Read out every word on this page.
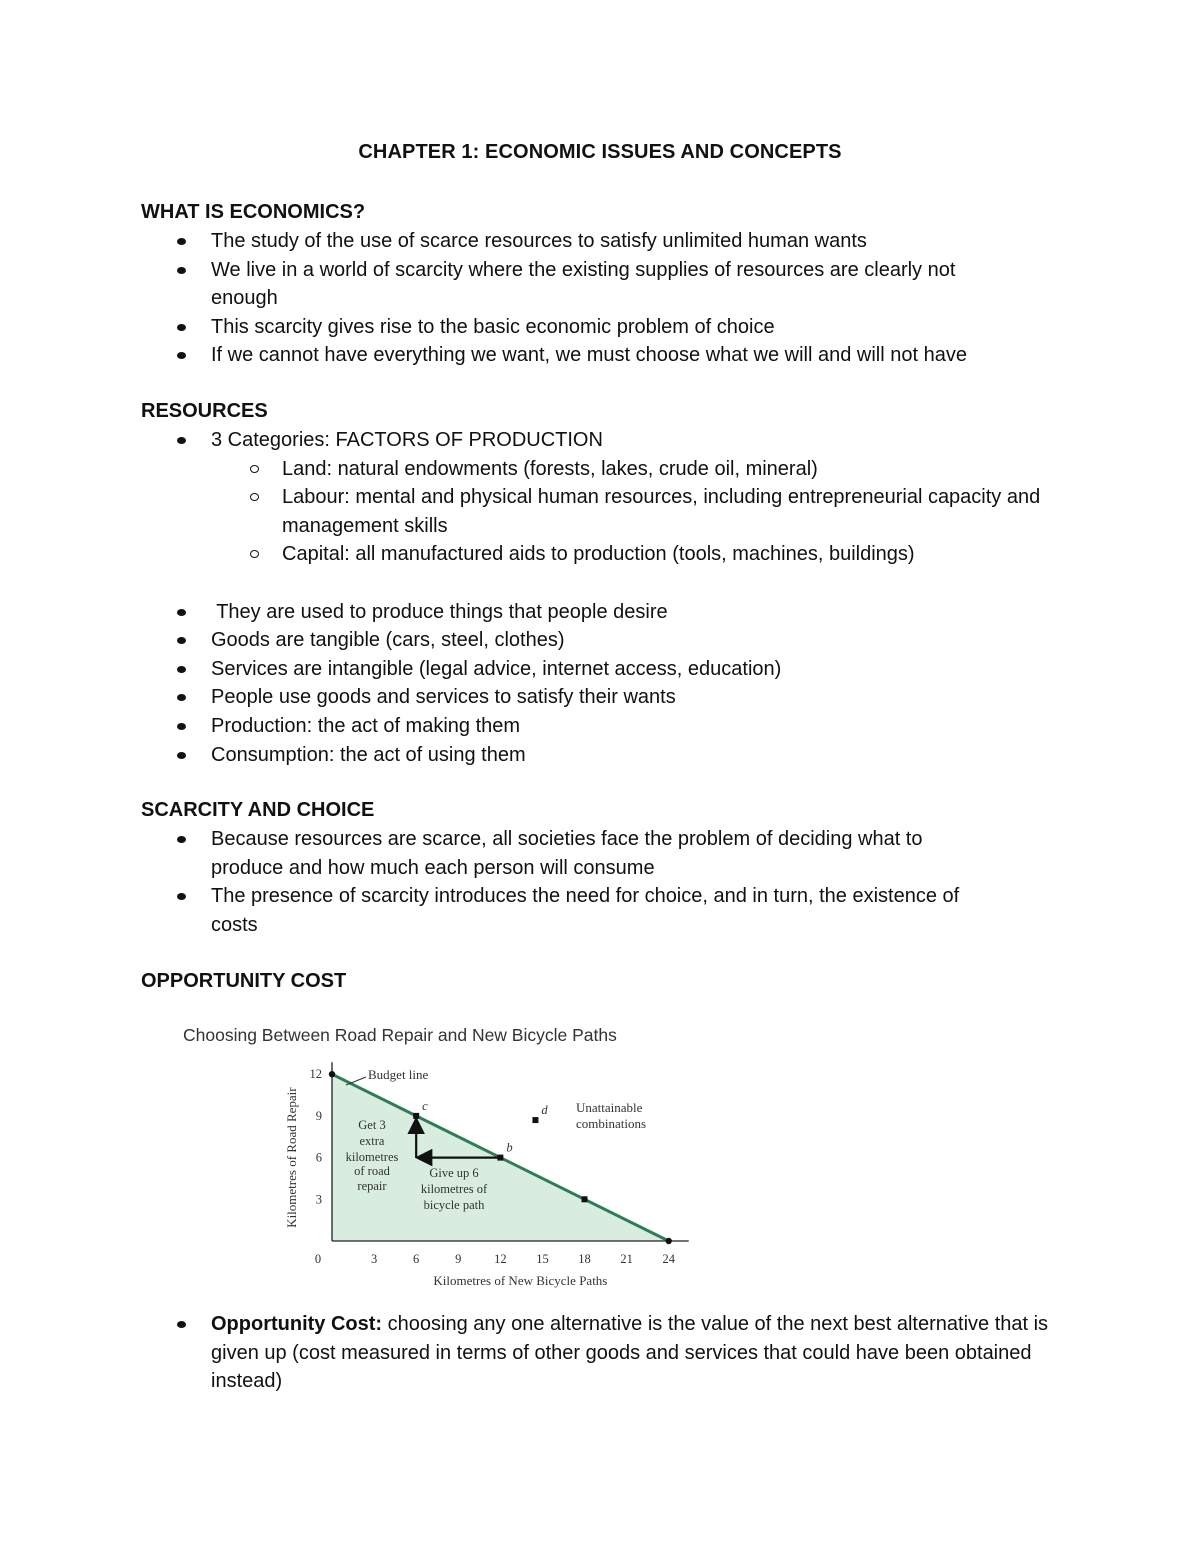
CHAPTER 1: ECONOMIC ISSUES AND CONCEPTS
WHAT IS ECONOMICS?
The study of the use of scarce resources to satisfy unlimited human wants
We live in a world of scarcity where the existing supplies of resources are clearly not enough
This scarcity gives rise to the basic economic problem of choice
If we cannot have everything we want, we must choose what we will and will not have
RESOURCES
3 Categories: FACTORS OF PRODUCTION
Land: natural endowments (forests, lakes, crude oil, mineral)
Labour: mental and physical human resources, including entrepreneurial capacity and management skills
Capital: all manufactured aids to production (tools, machines, buildings)
They are used to produce things that people desire
Goods are tangible (cars, steel, clothes)
Services are intangible (legal advice, internet access, education)
People use goods and services to satisfy their wants
Production: the act of making them
Consumption: the act of using them
SCARCITY AND CHOICE
Because resources are scarce, all societies face the problem of deciding what to produce and how much each person will consume
The presence of scarcity introduces the need for choice, and in turn, the existence of costs
OPPORTUNITY COST
Choosing Between Road Repair and New Bicycle Paths
0	3	6	9	12 15 18 21 24
3
6
9
12
c
b
d
Kilometres of Road Repair
Kilometres of New Bicycle Paths
Budget line
Unattainable
combinations
Get 3
extra
kilometres
of road
repair
Give up 6
kilometres of
bicycle path
Opportunity Cost: choosing any one alternative is the value of the next best alternative that is given up (cost measured in terms of other goods and services that could have been obtained instead)
